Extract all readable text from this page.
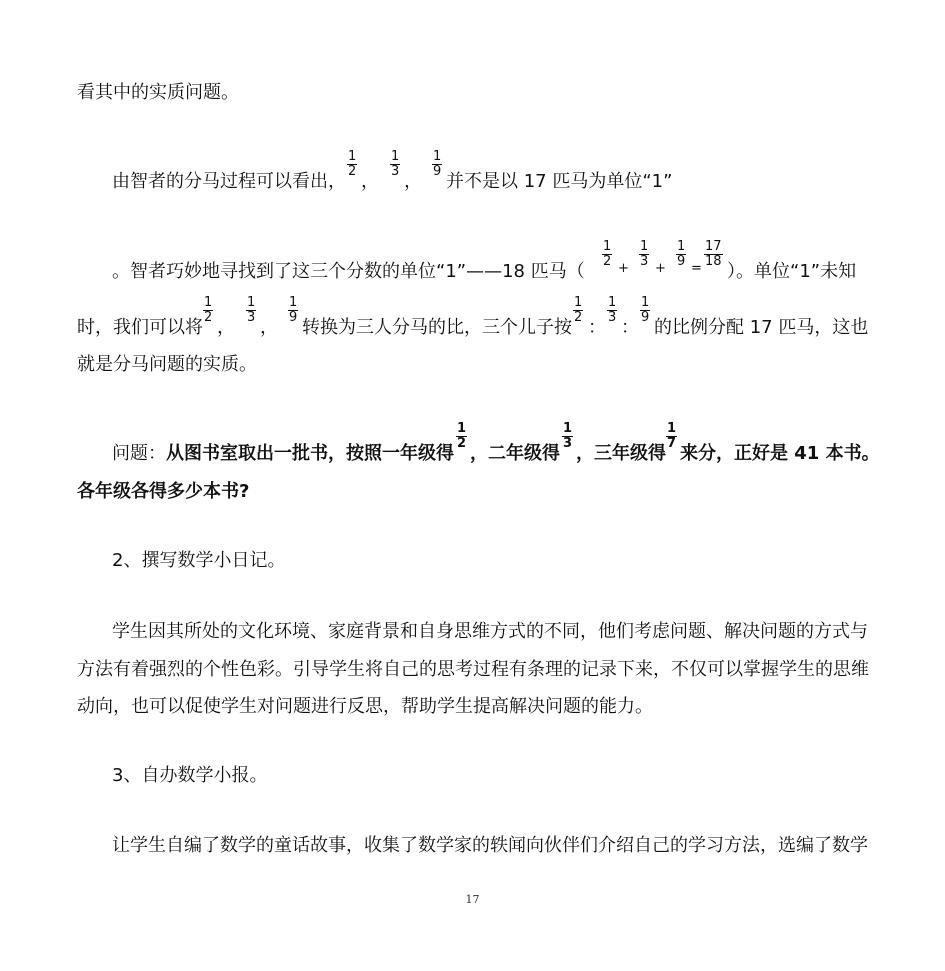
看其中的实质问题。
由智者的分马过程可以看出，
$\frac{1}{2}$
，
$\frac{1}{3}$
，
$\frac{1}{9}$
并不是以 17 匹马为单位“1”
。智者巧妙地寻找到了这三个分数的单位“1”——18 匹马（
$\frac{1}{2} + \frac{1}{3} + \frac{1}{9} = \frac{17}{18}$
）。单位“1”未知
时，我们可以将
$\frac{1}{2}$
，
$\frac{1}{3}$
，
$\frac{1}{9}$
转换为三人分马的比，三个儿子按
$\frac{1}{2}$
：
$\frac{1}{3}$
：
$\frac{1}{9}$
的比例分配 17 匹马，这也
就是分马问题的实质。
问题： 从图书室取出一批书，按照一年级得
$\frac{1}{2}$
，二年级得
$\frac{1}{3}$
，三年级得
$\frac{1}{7}$
来分，正好是 41 本书。
各年级各得多少本书?
2、撰写数学小日记。
学生因其所处的文化环境、家庭背景和自身思维方式的不同，他们考虑问题、解决问题的方式与
方法有着强烈的个性色彩。引导学生将自己的思考过程有条理的记录下来，不仅可以掌握学生的思维
动向，也可以促使学生对问题进行反思，帮助学生提高解决问题的能力。
3、自办数学小报。
让学生自编了数学的童话故事，收集了数学家的轶闻向伙伴们介绍自己的学习方法，选编了数学
17
